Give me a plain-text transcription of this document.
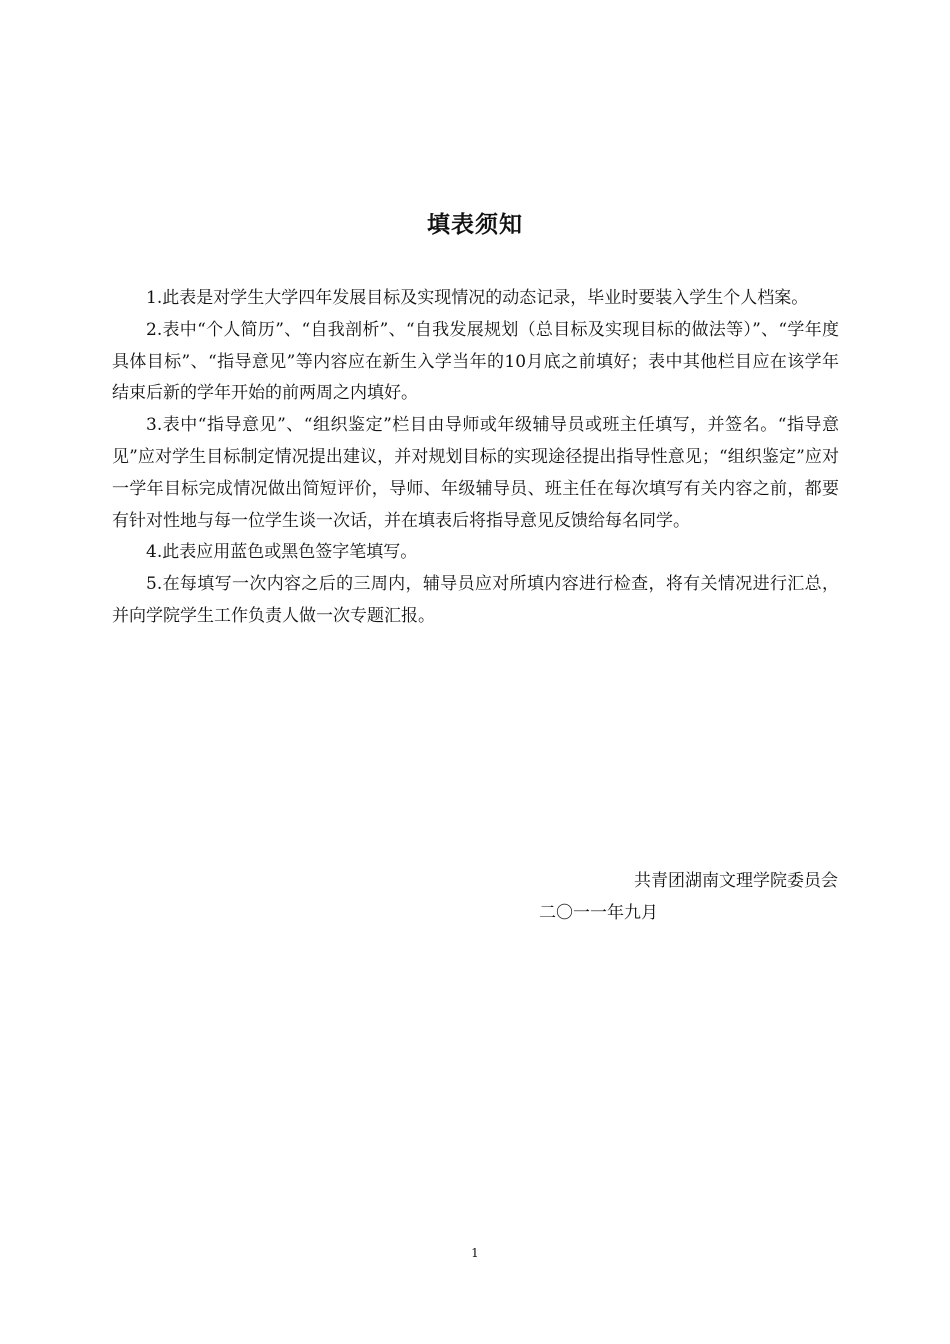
填表须知

1.此表是对学生大学四年发展目标及实现情况的动态记录，毕业时要装入学生个人档案。

2.表中“个人简历”、“自我剖析”、“自我发展规划（总目标及实现目标的做法等）”、“学年度具体目标”、“指导意见”等内容应在新生入学当年的10月底之前填好；表中其他栏目应在该学年结束后新的学年开始的前两周之内填好。

3.表中“指导意见”、“组织鉴定”栏目由导师或年级辅导员或班主任填写，并签名。“指导意见”应对学生目标制定情况提出建议，并对规划目标的实现途径提出指导性意见；“组织鉴定”应对一学年目标完成情况做出简短评价，导师、年级辅导员、班主任在每次填写有关内容之前，都要有针对性地与每一位学生谈一次话，并在填表后将指导意见反馈给每名同学。

4.此表应用蓝色或黑色签字笔填写。

5.在每填写一次内容之后的三周内，辅导员应对所填内容进行检查，将有关情况进行汇总，并向学院学生工作负责人做一次专题汇报。

共青团湖南文理学院委员会
二〇一一年九月
1
